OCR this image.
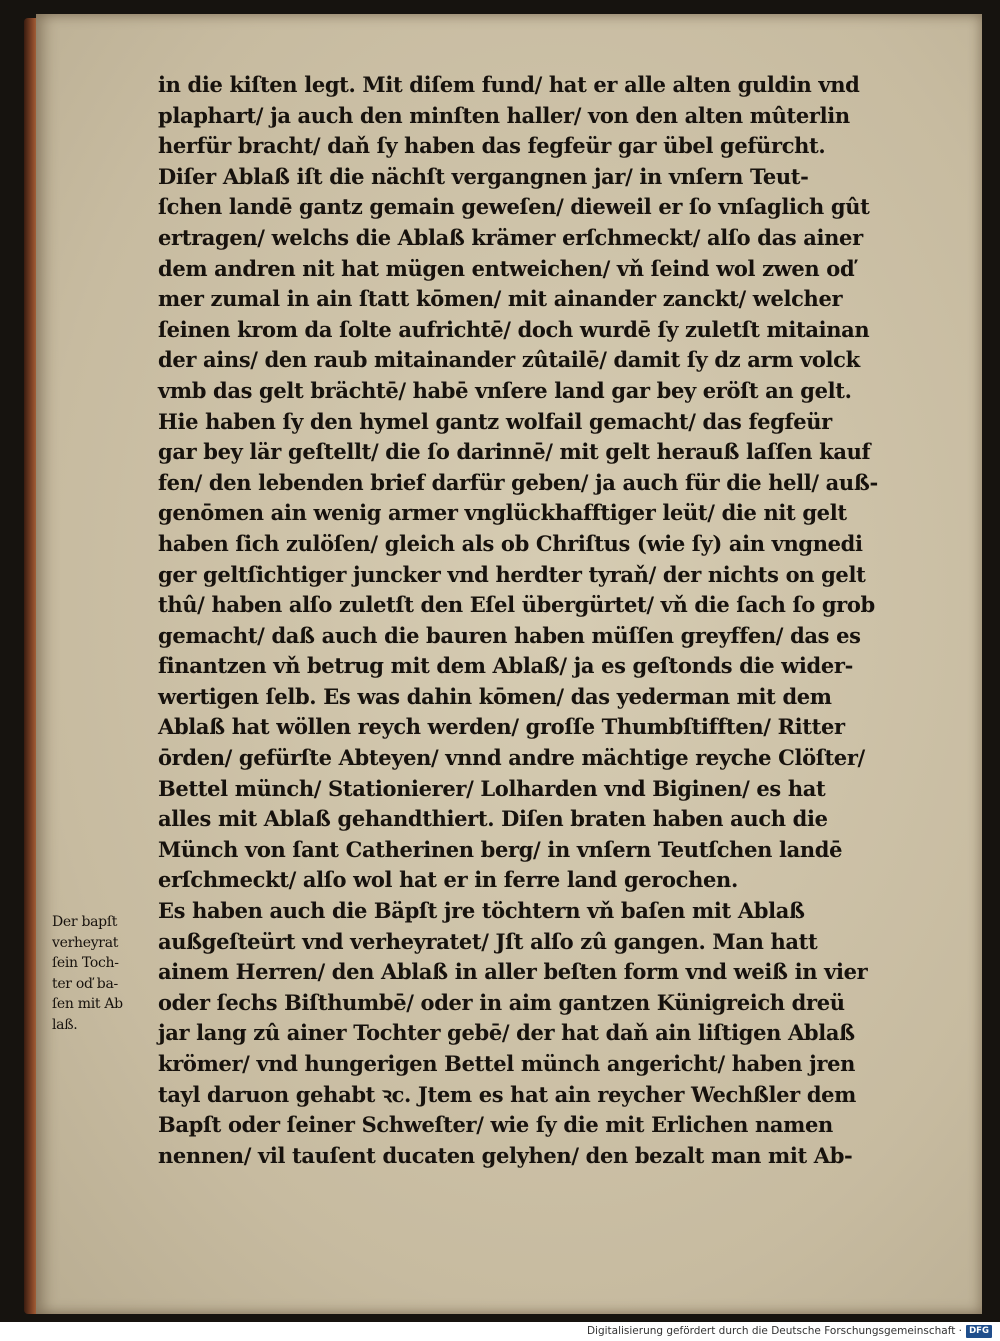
in die kiſten legt. Mit diſem fund/ hat er alle alten guldin vnd
plaphart/ ja auch den minſten haller/ von den alten mûterlin
herfür bracht/ daň ſy haben das fegfeür gar übel gefürcht.
Diſer Ablaß iſt die nächſt vergangnen jar/ in vnſern Teut-
ſchen landē gantz gemain geweſen/ dieweil er ſo vnſaglich gût
ertragen/ welchs die Ablaß krämer erſchmeckt/ alſo das ainer
dem andren nit hat mügen entweichen/ vň ſeind wol zwen oď
mer zumal in ain ſtatt kōmen/ mit ainander zanckt/ welcher
ſeinen krom da ſolte aufrichtē/ doch wurdē ſy zuletſt mitainan
der ains/ den raub mitainander zûtailē/ damit ſy dz arm volck
vmb das gelt brächtē/ habē vnſere land gar bey eröſt an gelt.
Hie haben ſy den hymel gantz wolfail gemacht/ das fegfeür
gar bey lär geſtellt/ die ſo darinnē/ mit gelt herauß laſſen kauf
fen/ den lebenden brief darfür geben/ ja auch für die hell/ auß-
genōmen ain wenig armer vnglückhafftiger leüt/ die nit gelt
haben ſich zulöſen/ gleich als ob Chriſtus (wie ſy) ain vngnedi
ger geltſichtiger juncker vnd herdter tyraň/ der nichts on gelt
thû/ haben alſo zuletſt den Eſel übergürtet/ vň die ſach ſo grob
gemacht/ daß auch die bauren haben müſſen greyffen/ das es
finantzen vň betrug mit dem Ablaß/ ja es geſtonds die wider-
wertigen ſelb. Es was dahin kōmen/ das yederman mit dem
Ablaß hat wöllen reych werden/ groſſe Thumbſtifften/ Ritter
ōrden/ gefürſte Abteyen/ vnnd andre mächtige reyche Clöſter/
Bettel münch/ Stationierer/ Lolharden vnd Biginen/ es hat
alles mit Ablaß gehandthiert. Diſen braten haben auch die
Münch von ſant Catherinen berg/ in vnſern Teutſchen landē
erſchmeckt/ alſo wol hat er in ferre land gerochen.
Es haben auch die Bäpſt jre töchtern vň baſen mit Ablaß
außgeſteürt vnd verheyratet/ Jſt alſo zû gangen. Man hatt
ainem Herren/ den Ablaß in aller beſten form vnd weiß in vier
oder ſechs Biſthumbē/ oder in aim gantzen Künigreich dreü
jar lang zû ainer Tochter gebē/ der hat daň ain liſtigen Ablaß
krömer/ vnd hungerigen Bettel münch angericht/ haben jren
tayl daruon gehabt ꝛc. Jtem es hat ain reycher Wechßler dem
Bapſt oder ſeiner Schweſter/ wie ſy die mit Erlichen namen
nennen/ vil tauſent ducaten gelyhen/ den bezalt man mit Ab-
Der bapſt
verheyrat
ſein Toch-
ter oď ba-
ſen mit Ab
laß.
Digitalisierung gefördert durch die Deutsche Forschungsgemeinschaft · DFG
